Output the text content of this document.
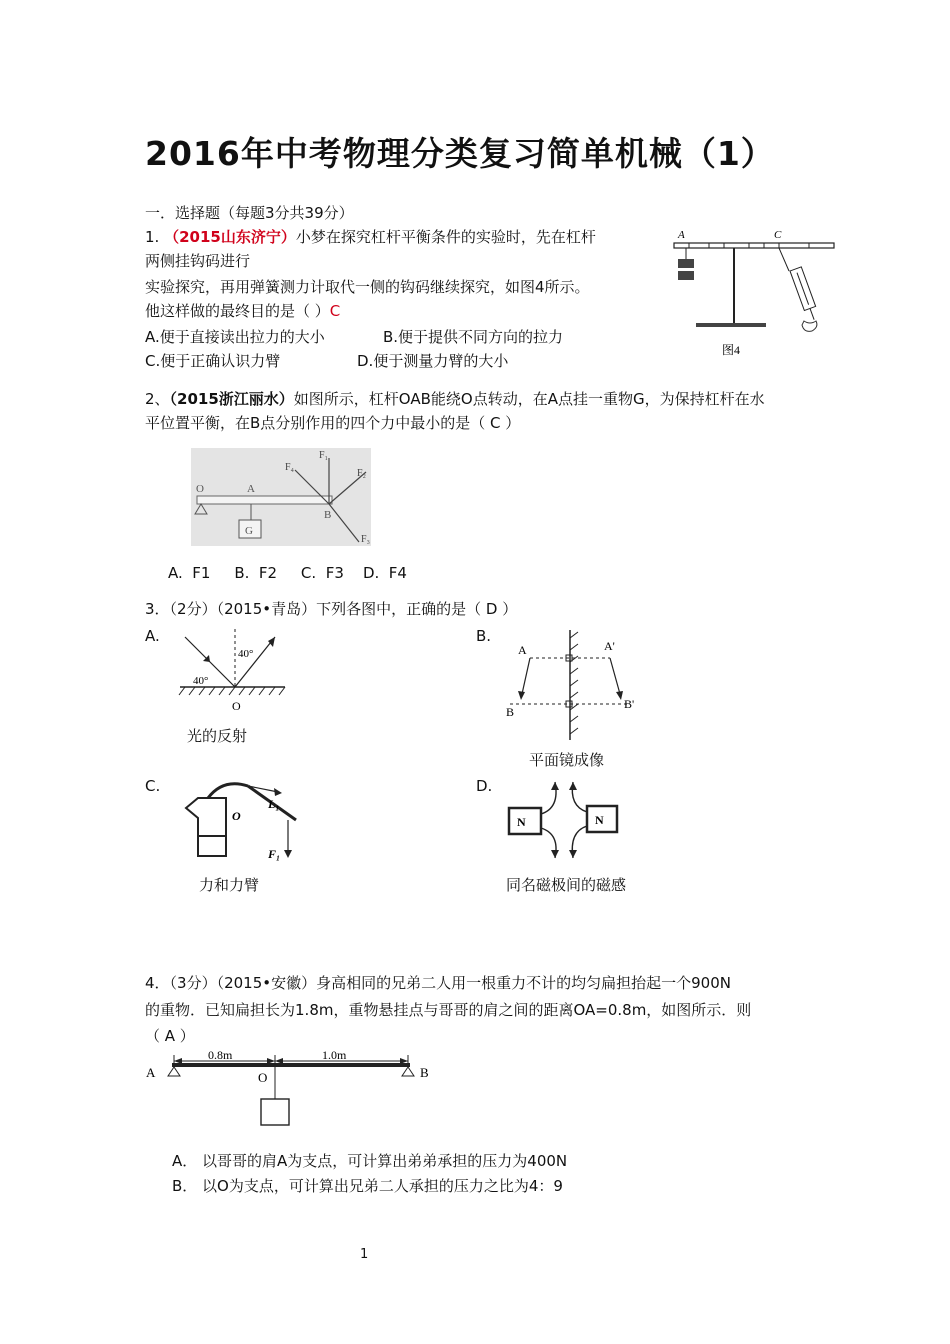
2016年中考物理分类复习简单机械（1）
一．选择题（每题3分共39分）
1. （2015山东济宁）小梦在探究杠杆平衡条件的实验时，先在杠杆
两侧挂钩码进行
实验探究，再用弹簧测力计取代一侧的钩码继续探究，如图4所示。
他这样做的最终目的是（ ）C
A.便于直接读出拉力的大小	B.便于提供不同方向的拉力
C.便于正确认识力臂	D.便于测量力臂的大小
A	C
图4
2、（2015浙江丽水）如图所示，杠杆OAB能绕O点转动，在A点挂一重物G，为保持杠杆在水
平位置平衡，在B点分别作用的四个力中最小的是（ C ）
O	A
G
B
F₁
F₂
F₃
F₄
A.  F1     B.  F2     C.  F3    D.  F4
3．（2分）（2015•青岛）下列各图中，正确的是（ D ）
A.
40°
40°
O
光的反射
B.
A	A'
B
B'
平面镜成像
C.
O
L₁
F₁
力和力臂
D.
N	N
同名磁极间的磁感
4．（3分）（2015•安徽）身高相同的兄弟二人用一根重力不计的均匀扁担抬起一个900N
的重物．已知扁担长为1.8m，重物悬挂点与哥哥的肩之间的距离OA=0.8m，如图所示．则
（ A ）
0.8m	1.0m
A	B
O
A． 以哥哥的肩A为支点，可计算出弟弟承担的压力为400N
B． 以O为支点，可计算出兄弟二人承担的压力之比为4：9
1
